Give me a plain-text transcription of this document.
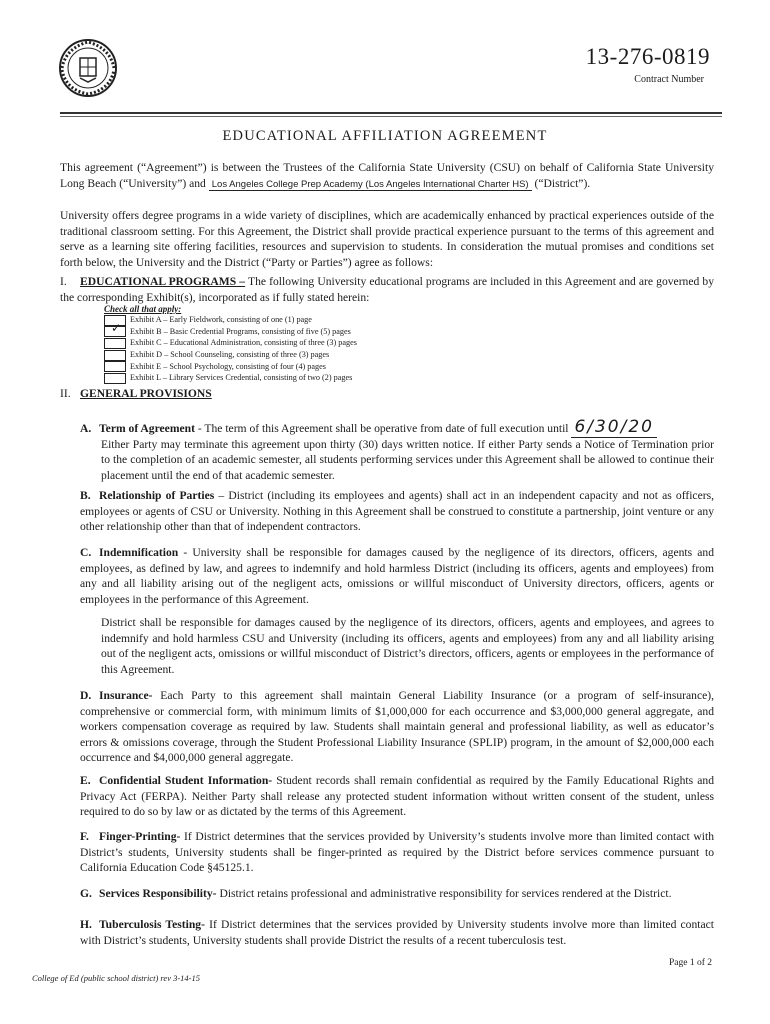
13-276-0819
Contract Number
EDUCATIONAL AFFILIATION AGREEMENT
This agreement (“Agreement”) is between the Trustees of the California State University (CSU) on behalf of California State University Long Beach (“University”) and Los Angeles College Prep Academy (Los Angeles International Charter HS) (“District”).
University offers degree programs in a wide variety of disciplines, which are academically enhanced by practical experiences outside of the traditional classroom setting. For this Agreement, the District shall provide practical experience pursuant to the terms of this agreement and serve as a learning site offering facilities, resources and supervision to students. In consideration the mutual promises and conditions set forth below, the University and the District (“Party or Parties”) agree as follows:
I. EDUCATIONAL PROGRAMS – The following University educational programs are included in this Agreement and are governed by the corresponding Exhibit(s), incorporated as if fully stated herein:
Check all that apply:
Exhibit A – Early Fieldwork, consisting of one (1) page
✓ Exhibit B – Basic Credential Programs, consisting of five (5) pages
Exhibit C – Educational Administration, consisting of three (3) pages
Exhibit D – School Counseling, consisting of three (3) pages
Exhibit E – School Psychology, consisting of four (4) pages
Exhibit L – Library Services Credential, consisting of two (2) pages
II. GENERAL PROVISIONS
A. Term of Agreement - The term of this Agreement shall be operative from date of full execution until 6/30/20
Either Party may terminate this agreement upon thirty (30) days written notice. If either Party sends a Notice of Termination prior to the completion of an academic semester, all students performing services under this Agreement shall be allowed to continue their placement until the end of that academic semester.
B. Relationship of Parties – District (including its employees and agents) shall act in an independent capacity and not as officers, employees or agents of CSU or University. Nothing in this Agreement shall be construed to constitute a partnership, joint venture or any other relationship other than that of independent contractors.
C. Indemnification - University shall be responsible for damages caused by the negligence of its directors, officers, agents and employees, as defined by law, and agrees to indemnify and hold harmless District (including its officers, agents and employees) from any and all liability arising out of the negligent acts, omissions or willful misconduct of University directors, officers, agents or employees in the performance of this Agreement.
District shall be responsible for damages caused by the negligence of its directors, officers, agents and employees, and agrees to indemnify and hold harmless CSU and University (including its officers, agents and employees) from any and all liability arising out of the negligent acts, omissions or willful misconduct of District’s directors, officers, agents or employees in the performance of this Agreement.
D. Insurance- Each Party to this agreement shall maintain General Liability Insurance (or a program of self-insurance), comprehensive or commercial form, with minimum limits of $1,000,000 for each occurrence and $3,000,000 general aggregate, and workers compensation coverage as required by law. Students shall maintain general and professional liability, as well as educator’s errors & omissions coverage, through the Student Professional Liability Insurance (SPLIP) program, in the amount of $2,000,000 each occurrence and $4,000,000 general aggregate.
E. Confidential Student Information- Student records shall remain confidential as required by the Family Educational Rights and Privacy Act (FERPA). Neither Party shall release any protected student information without written consent of the student, unless required to do so by law or as dictated by the terms of this Agreement.
F. Finger-Printing- If District determines that the services provided by University’s students involve more than limited contact with District’s students, University students shall be finger-printed as required by the District before services commence pursuant to California Education Code §45125.1.
G. Services Responsibility- District retains professional and administrative responsibility for services rendered at the District.
H. Tuberculosis Testing- If District determines that the services provided by University students involve more than limited contact with District’s students, University students shall provide District the results of a recent tuberculosis test.
Page 1 of 2
College of Ed (public school district) rev 3-14-15
